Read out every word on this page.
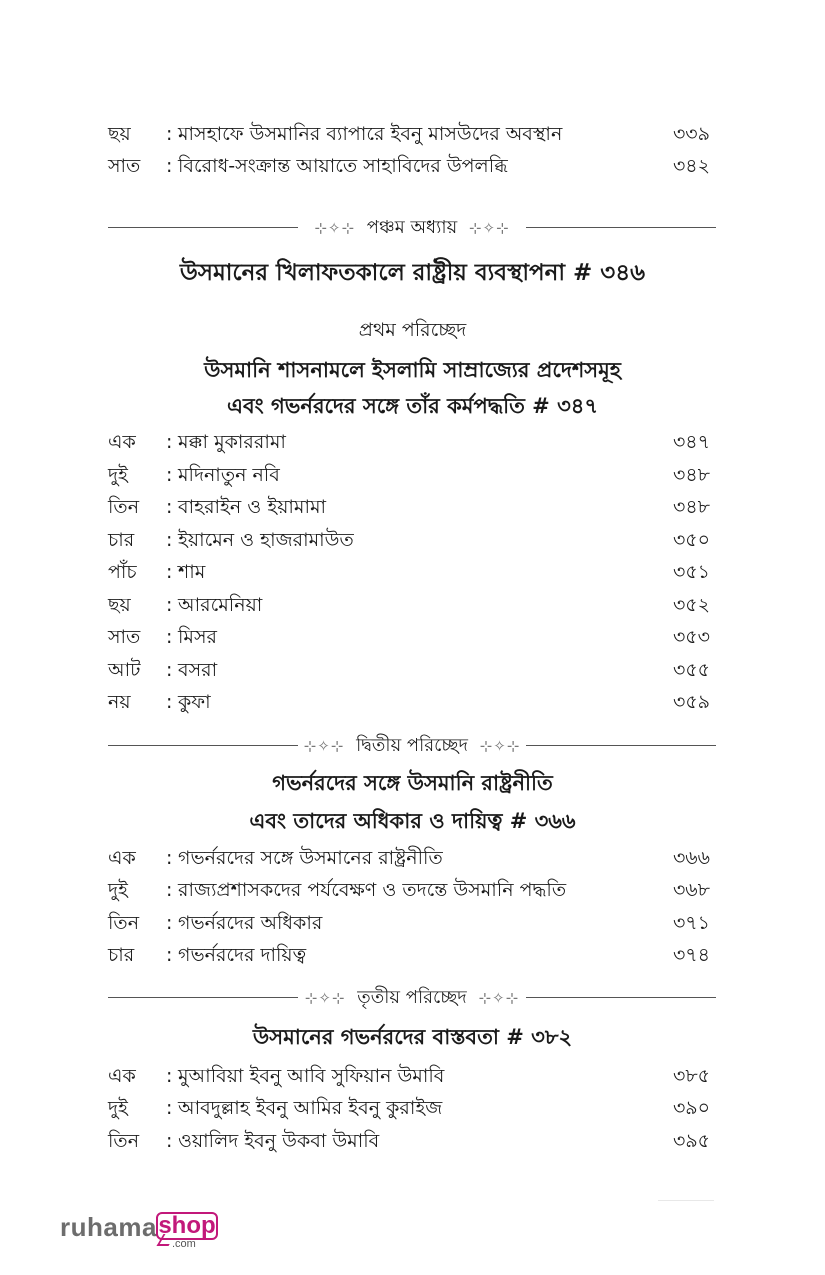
ছয় : মাসহাফে উসমানির ব্যাপারে ইবনু মাসউদের অবস্থান	৩৩৯
সাত : বিরোধ-সংক্রান্ত আয়াতে সাহাবিদের উপলব্ধি	৩৪২
⊹✧⊹ পঞ্চম অধ্যায় ⊹✧⊹
উসমানের খিলাফতকালে রাষ্ট্রীয় ব্যবস্থাপনা # ৩৪৬
প্রথম পরিচ্ছেদ
উসমানি শাসনামলে ইসলামি সাম্রাজ্যের প্রদেশসমূহ
এবং গভর্নরদের সঙ্গে তাঁর কর্মপদ্ধতি # ৩৪৭
এক : মক্কা মুকাররামা	৩৪৭
দুই : মদিনাতুন নবি	৩৪৮
তিন : বাহরাইন ও ইয়ামামা	৩৪৮
চার : ইয়ামেন ও হাজরামাউত	৩৫০
পাঁচ : শাম	৩৫১
ছয় : আরমেনিয়া	৩৫২
সাত : মিসর	৩৫৩
আট : বসরা	৩৫৫
নয় : কুফা	৩৫৯
⊹✧⊹ দ্বিতীয় পরিচ্ছেদ ⊹✧⊹
গভর্নরদের সঙ্গে উসমানি রাষ্ট্রনীতি
এবং তাদের অধিকার ও দায়িত্ব # ৩৬৬
এক : গভর্নরদের সঙ্গে উসমানের রাষ্ট্রনীতি	৩৬৬
দুই : রাজ্যপ্রশাসকদের পর্যবেক্ষণ ও তদন্তে উসমানি পদ্ধতি	৩৬৮
তিন : গভর্নরদের অধিকার	৩৭১
চার : গভর্নরদের দায়িত্ব	৩৭৪
⊹✧⊹ তৃতীয় পরিচ্ছেদ ⊹✧⊹
উসমানের গভর্নরদের বাস্তবতা # ৩৮২
এক : মুআবিয়া ইবনু আবি সুফিয়ান উমাবি	৩৮৫
দুই : আবদুল্লাহ ইবনু আমির ইবনু কুরাইজ	৩৯০
তিন : ওয়ালিদ ইবনু উকবা উমাবি	৩৯৫
ruhama shop
.com
